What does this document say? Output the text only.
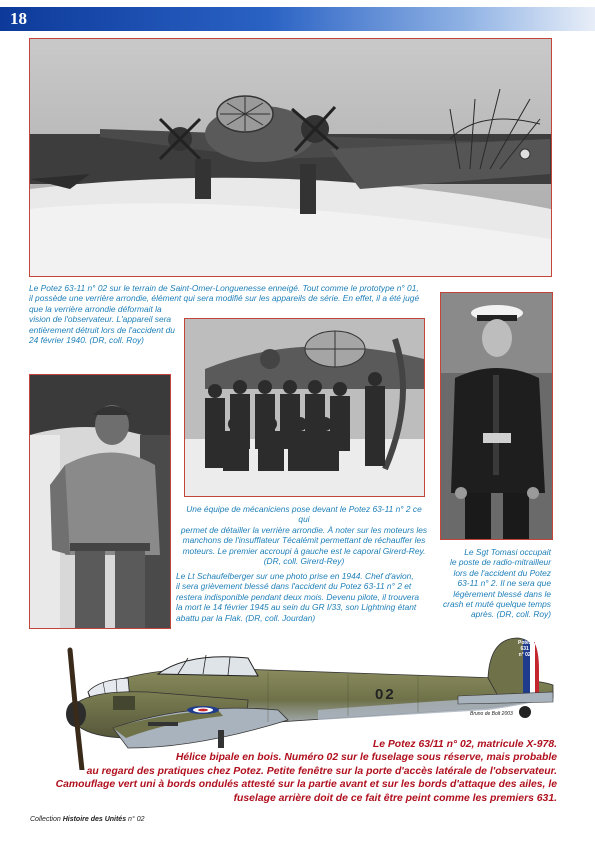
18
Le Potez 63-11 n° 02 sur le terrain de Saint-Omer-Longuenesse enneigé. Tout comme le prototype n° 01,
il possède une verrière arrondie, élément qui sera modifié sur les appareils de série. En effet, il a été jugé
que la verrière arrondie déformait la
vision de l'observateur. L'appareil sera
entièrement détruit lors de l'accident du
24 février 1940. (DR, coll. Roy)
Une équipe de mécaniciens pose devant le Potez 63-11 n° 2 ce qui
permet de détailler la verrière arrondie. À noter sur les moteurs les
manchons de l'insufflateur Técalémit permettant de réchauffer les
moteurs. Le premier accroupi à gauche est le caporal Girerd-Rey.
(DR, coll. Girerd-Rey)
Le Lt Schaufelberger sur une photo prise en 1944. Chef d'avion,
il sera grièvement blessé dans l'accident du Potez 63-11 n° 2 et
restera indisponible pendant deux mois. Devenu pilote, il trouvera
la mort le 14 février 1945 au sein du GR I/33, son Lightning étant
abattu par la Flak. (DR, coll. Jourdan)
Le Sgt Tomasi occupait
le poste de radio-mitrailleur
lors de l'accident du Potez
63-11 n° 2. Il ne sera que
légèrement blessé dans le
crash et muté quelque temps
après. (DR, coll. Roy)
02
Potez
631
n° 02
Bruno de Bolt 2003
Le Potez 63/11 n° 02, matricule X-978.
Hélice bipale en bois. Numéro 02 sur le fuselage sous réserve, mais probable
au regard des pratiques chez Potez. Petite fenêtre sur la porte d'accès latérale de l'observateur.
Camouflage vert uni à bords ondulés attesté sur la partie avant et sur les bords d'attaque des ailes, le
fuselage arrière doit de ce fait être peint comme les premiers 631.
Collection Histoire des Unités n° 02
